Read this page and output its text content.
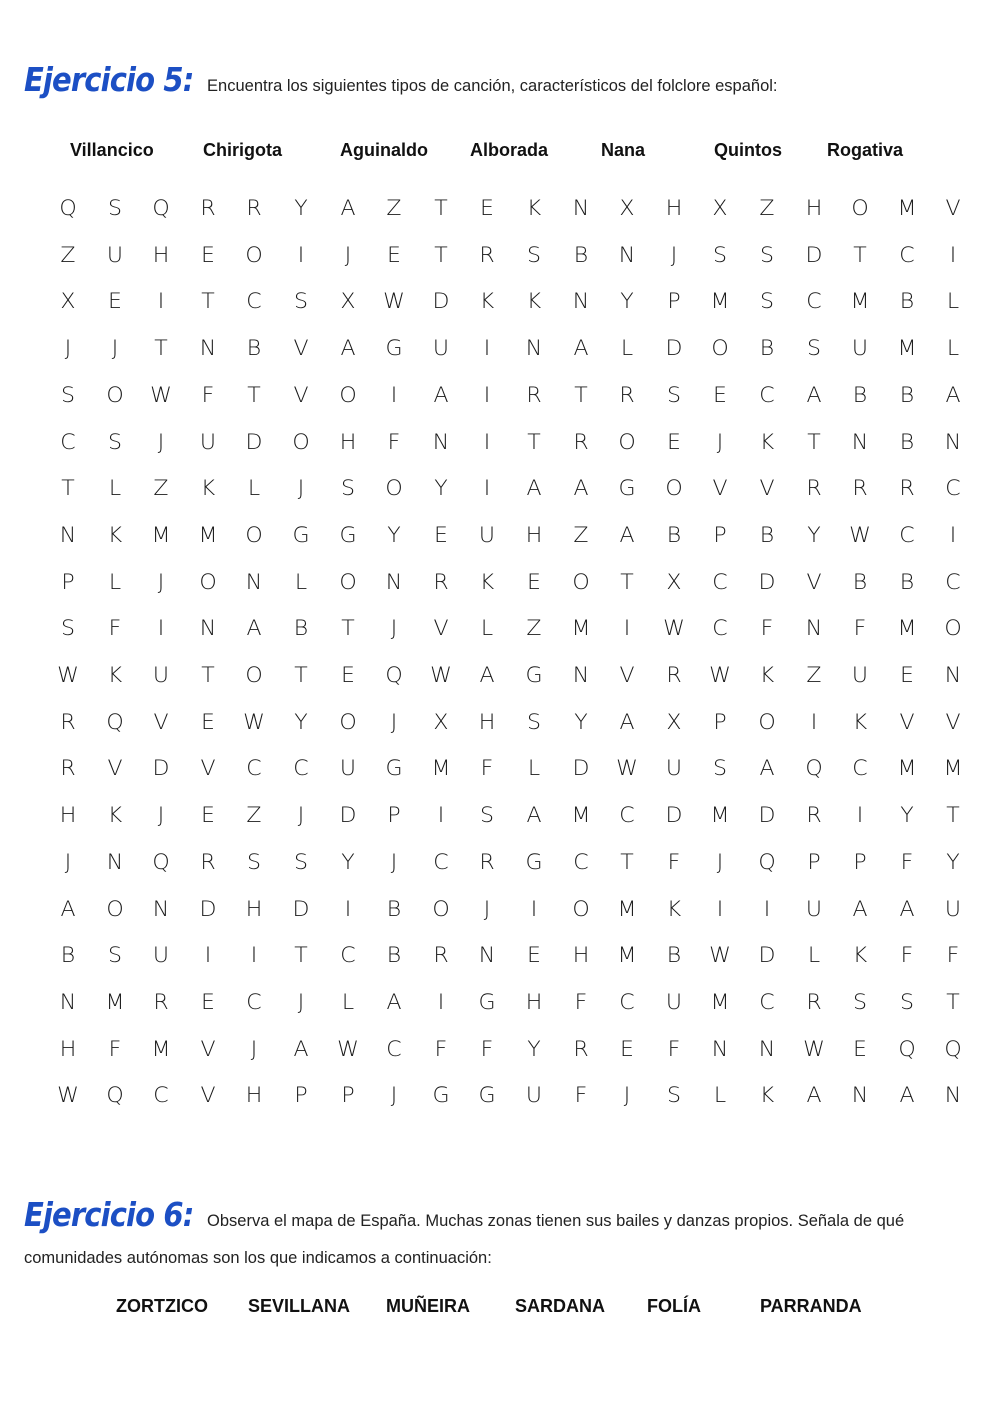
Ejercicio 5: Encuentra los siguientes tipos de canción, característicos del folclore español:
Villancico	Chirigota	Aguinaldo Alborada	Nana	Quintos	Rogativa
Q	S	Q	R	R	Y	A	Z	T	E	K	N	X	H	X	Z	H	O	M	V
Z	U	H	E	O	I	J	E	T	R	S	B	N	J	S	S	D	T	C	I
X	E	I	T	C	S	X	W	D	K	K	N	Y	P	M	S	C	M	B	L
J	J	T	N	B	V	A	G	U	I	N	A	L	D	O	B	S	U	M	L
S	O	W	F	T	V	O	I	A	I	R	T	R	S	E	C	A	B	B	A
C	S	J	U	D	O	H	F	N	I	T	R	O	E	J	K	T	N	B	N
T	L	Z	K	L	J	S	O	Y	I	A	A	G	O	V	V	R	R	R	C
N	K	M	M	O	G	G	Y	E	U	H	Z	A	B	P	B	Y	W	C	I
P	L	J	O	N	L	O	N	R	K	E	O	T	X	C	D	V	B	B	C
S	F	I	N	A	B	T	J	V	L	Z	M	I	W	C	F	N	F	M	O
W	K	U	T	O	T	E	Q	W	A	G	N	V	R	W	K	Z	U	E	N
R	Q	V	E	W	Y	O	J	X	H	S	Y	A	X	P	O	I	K	V	V
R	V	D	V	C	C	U	G	M	F	L	D	W	U	S	A	Q	C	M	M
H	K	J	E	Z	J	D	P	I	S	A	M	C	D	M	D	R	I	Y	T
J	N	Q	R	S	S	Y	J	C	R	G	C	T	F	J	Q	P	P	F	Y
A	O	N	D	H	D	I	B	O	J	I	O	M	K	I	I	U	A	A	U
B	S	U	I	I	T	C	B	R	N	E	H	M	B	W	D	L	K	F	F
N	M	R	E	C	J	L	A	I	G	H	F	C	U	M	C	R	S	S	T
H	F	M	V	J	A	W	C	F	F	Y	R	E	F	N	N	W	E	Q	Q
W	Q	C	V	H	P	P	J	G	G	U	F	J	S	L	K	A	N	A	N
Ejercicio 6: Observa el mapa de España. Muchas zonas tienen sus bailes y danzas propios. Señala de qué
comunidades autónomas son los que indicamos a continuación:
ZORTZICO SEVILLANA MUÑEIRA	SARDANA FOLÍA	PARRANDA
